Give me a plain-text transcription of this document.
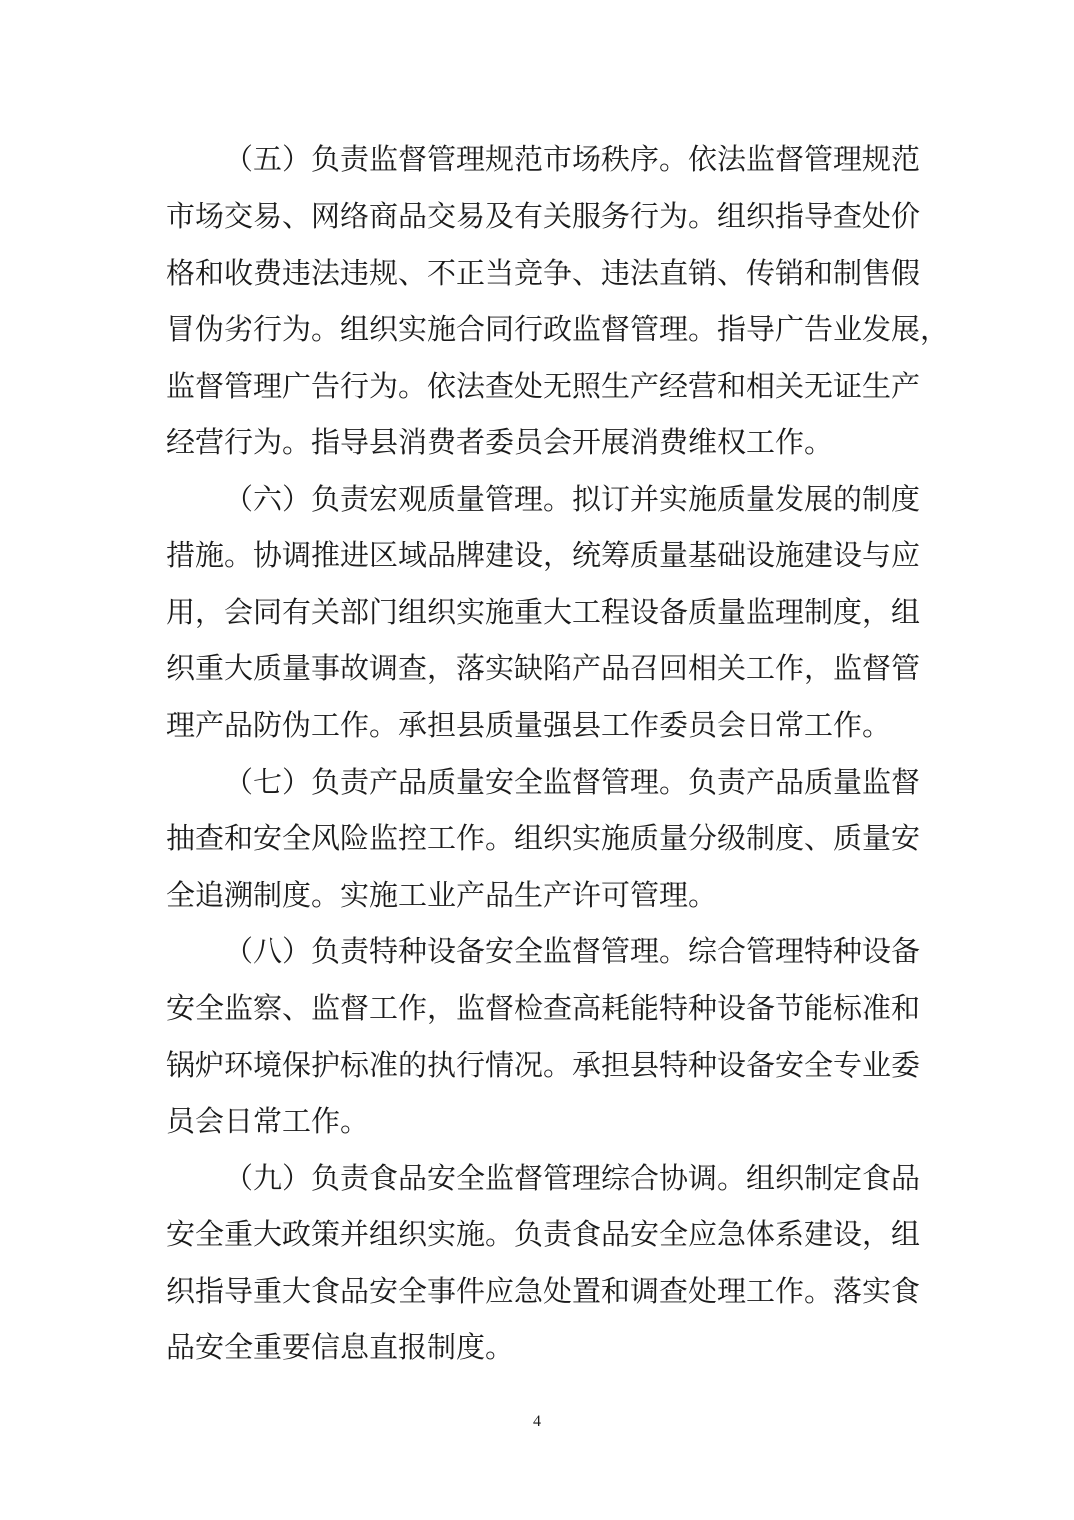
（五）负责监督管理规范市场秩序。依法监督管理规范
市场交易、网络商品交易及有关服务行为。组织指导查处价
格和收费违法违规、不正当竞争、违法直销、传销和制售假
冒伪劣行为。组织实施合同行政监督管理。指导广告业发展，
监督管理广告行为。依法查处无照生产经营和相关无证生产
经营行为。指导县消费者委员会开展消费维权工作。
（六）负责宏观质量管理。拟订并实施质量发展的制度
措施。协调推进区域品牌建设，统筹质量基础设施建设与应
用，会同有关部门组织实施重大工程设备质量监理制度，组
织重大质量事故调查，落实缺陷产品召回相关工作，监督管
理产品防伪工作。承担县质量强县工作委员会日常工作。
（七）负责产品质量安全监督管理。负责产品质量监督
抽查和安全风险监控工作。组织实施质量分级制度、质量安
全追溯制度。实施工业产品生产许可管理。
（八）负责特种设备安全监督管理。综合管理特种设备
安全监察、监督工作，监督检查高耗能特种设备节能标准和
锅炉环境保护标准的执行情况。承担县特种设备安全专业委
员会日常工作。
（九）负责食品安全监督管理综合协调。组织制定食品
安全重大政策并组织实施。负责食品安全应急体系建设，组
织指导重大食品安全事件应急处置和调查处理工作。落实食
品安全重要信息直报制度。
4
